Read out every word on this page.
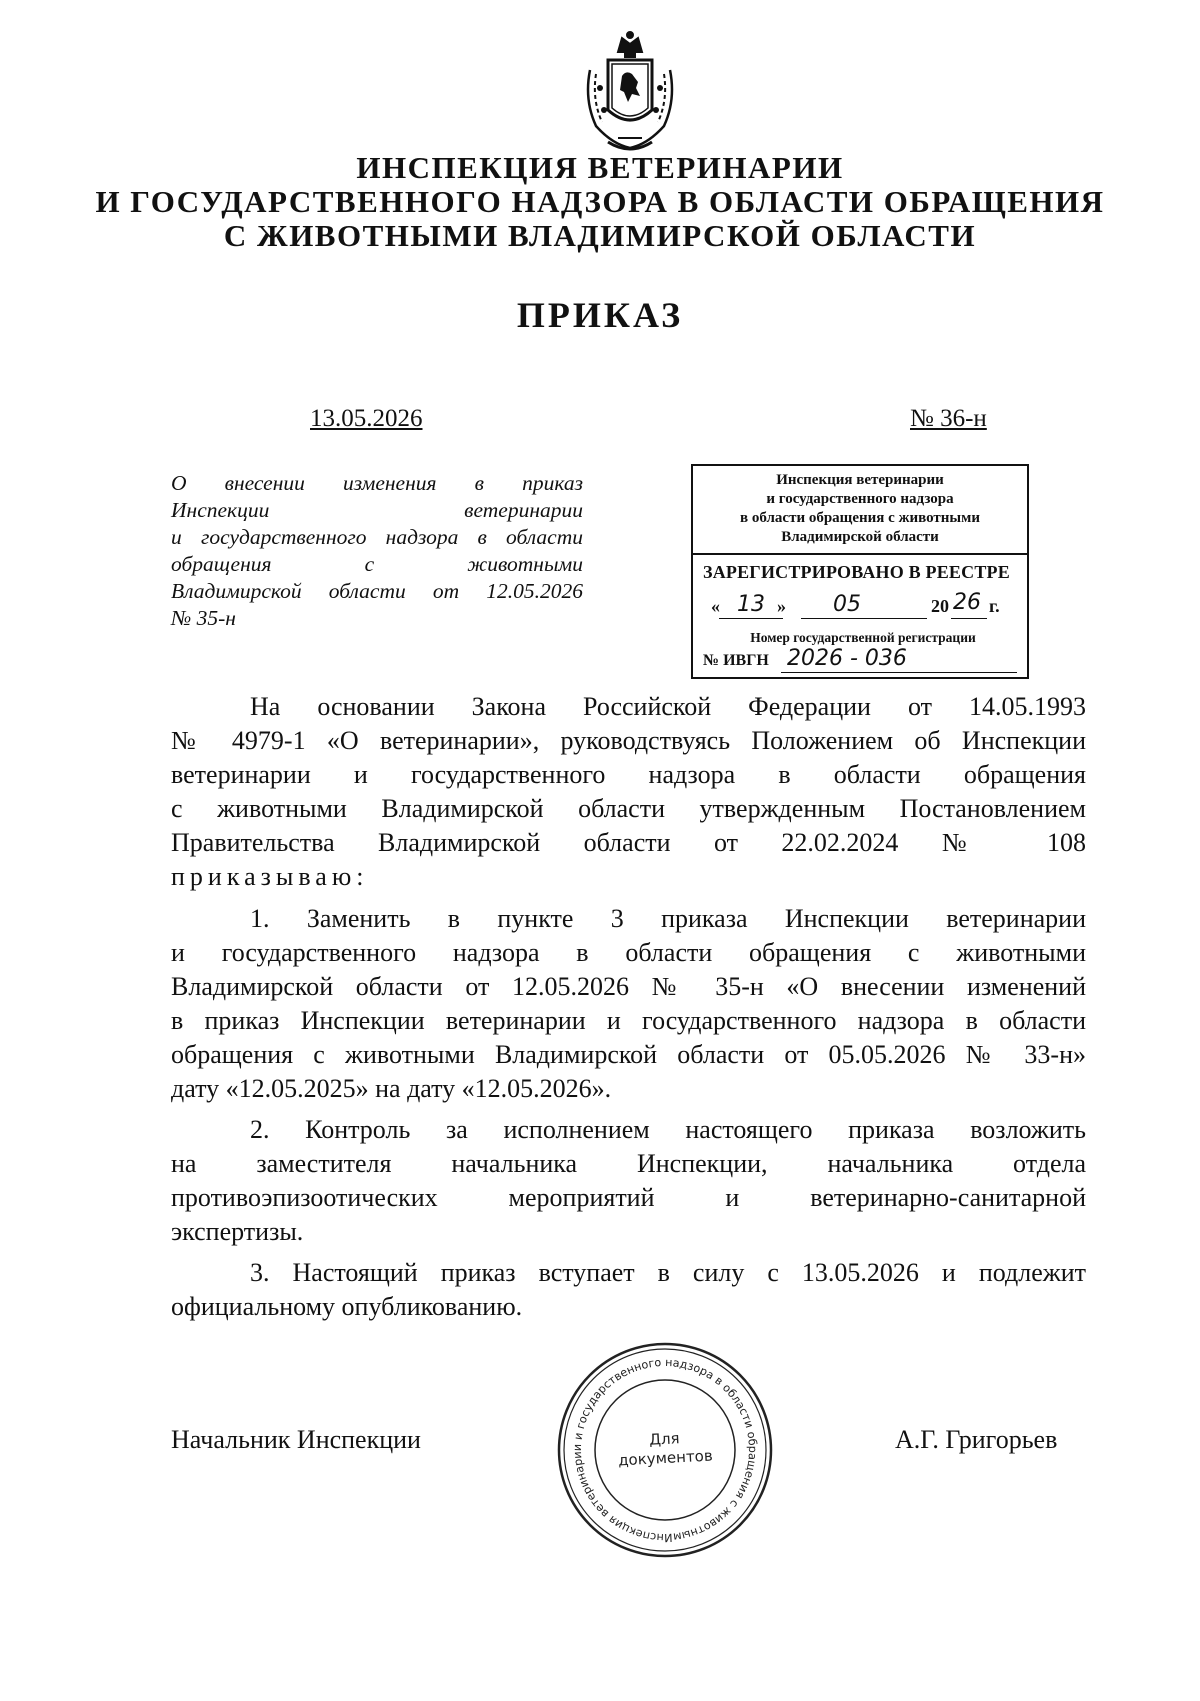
ИНСПЕКЦИЯ ВЕТЕРИНАРИИ
И ГОСУДАРСТВЕННОГО НАДЗОРА В ОБЛАСТИ ОБРАЩЕНИЯ
С ЖИВОТНЫМИ ВЛАДИМИРСКОЙ ОБЛАСТИ
ПРИКАЗ
13.05.2026	№ 36-н
О внесении изменения в приказ
Инспекции ветеринарии
и государственного надзора в области
обращения с животными
Владимирской области от 12.05.2026
№ 35-н
Инспекция ветеринарии
и государственного надзора
в области обращения с животными
Владимирской области
ЗАРЕГИСТРИРОВАНО В РЕЕСТРЕ
« 13 » 05	20 26 г.
Номер государственной регистрации
№ ИВГН 2026 - 036
На основании Закона Российской Федерации от 14.05.1993
№ 4979-1 «О ветеринарии», руководствуясь Положением об Инспекции
ветеринарии и государственного надзора в области обращения
с животными Владимирской области утвержденным Постановлением
Правительства Владимирской области от 22.02.2024 № 108
приказываю:
1. Заменить в пункте 3 приказа Инспекции ветеринарии
и государственного надзора в области обращения с животными
Владимирской области от 12.05.2026 № 35-н «О внесении изменений
в приказ Инспекции ветеринарии и государственного надзора в области
обращения с животными Владимирской области от 05.05.2026 № 33-н»
дату «12.05.2025» на дату «12.05.2026».
2. Контроль за исполнением настоящего приказа возложить
на заместителя начальника Инспекции, начальника отдела
противоэпизоотических мероприятий и ветеринарно-санитарной
экспертизы.
3. Настоящий приказ вступает в силу с 13.05.2026 и подлежит
официальному опубликованию.
Начальник Инспекции	А.Г. Григорьев
Инспекция ветеринарии и государственного надзора в области обращения с животными
Для
документов
